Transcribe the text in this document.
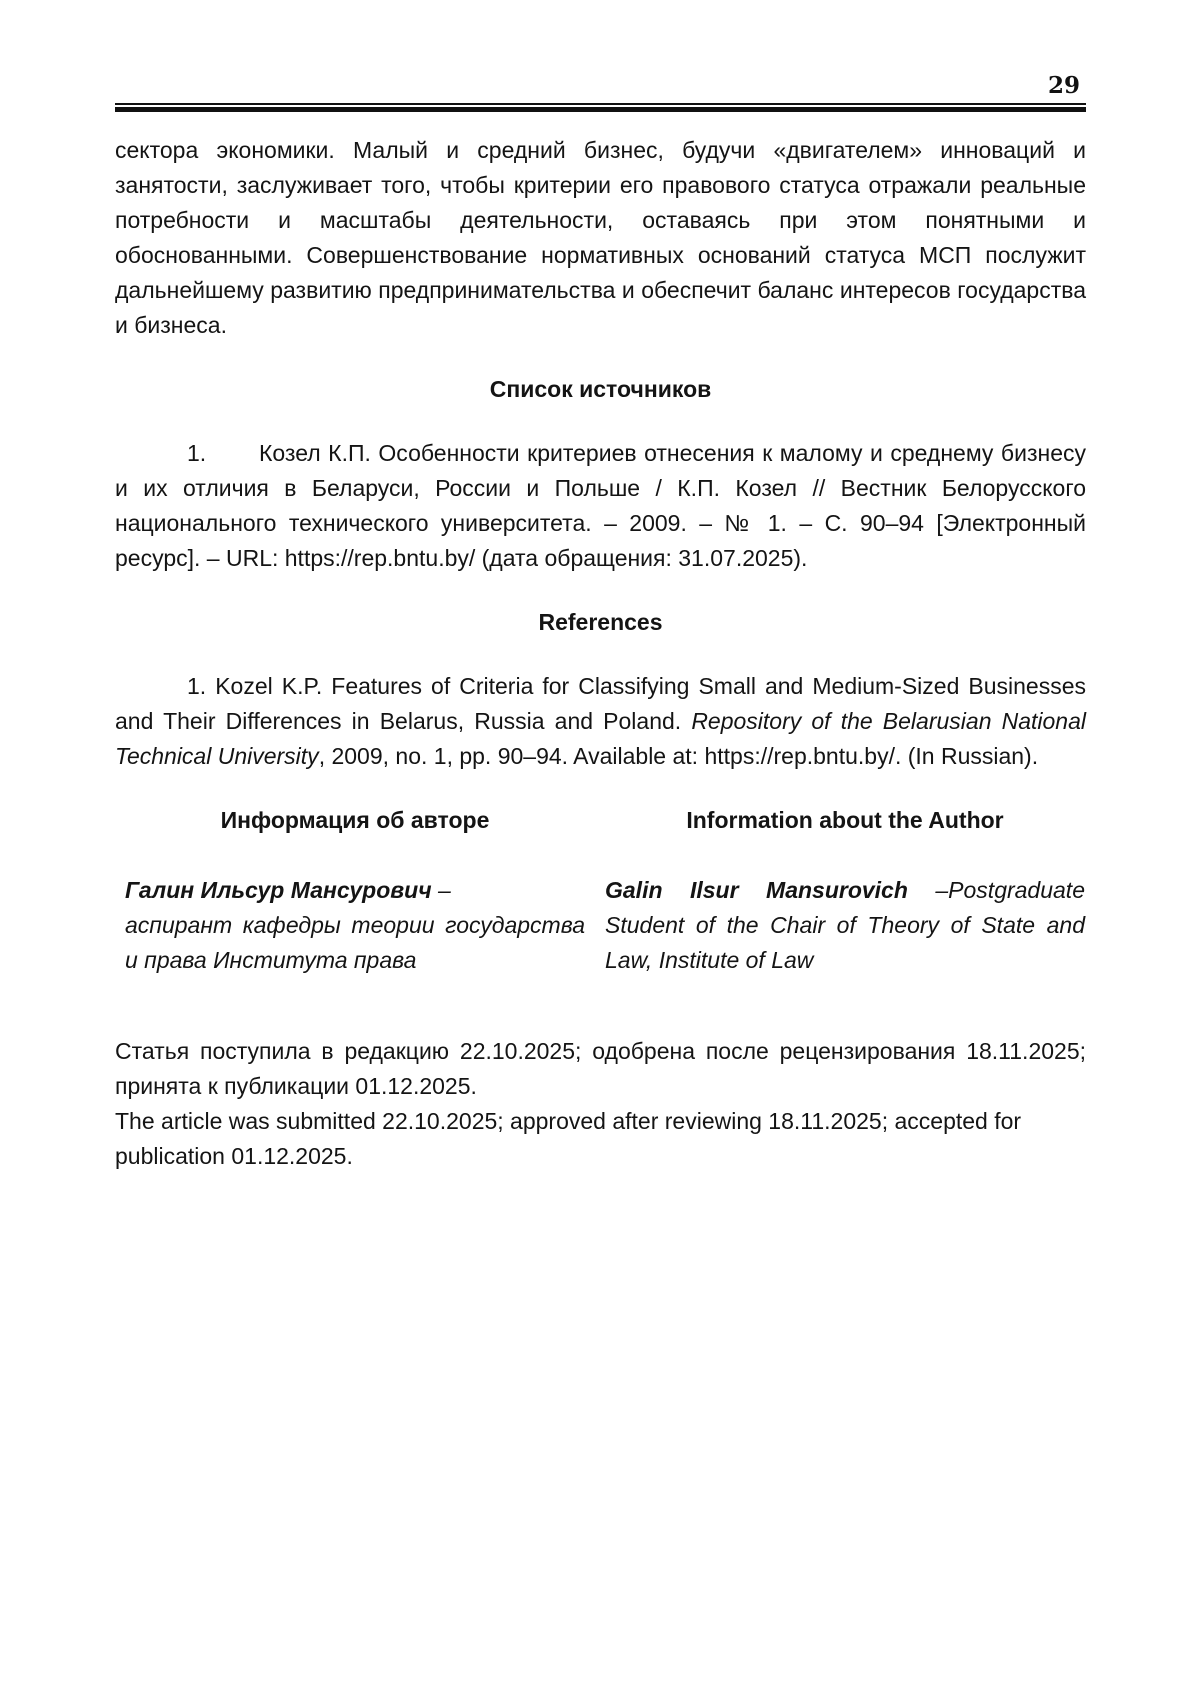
29

сектора экономики. Малый и средний бизнес, будучи «двигателем» инноваций и занятости, заслуживает того, чтобы критерии его правового статуса отражали реальные потребности и масштабы деятельности, оставаясь при этом понятными и обоснованными. Совершенствование нормативных оснований статуса МСП послужит дальнейшему развитию предпринимательства и обеспечит баланс интересов государства и бизнеса.

Список источников

1. Козел К.П. Особенности критериев отнесения к малому и среднему бизнесу и их отличия в Беларуси, России и Польше / К.П. Козел // Вестник Белорусского национального технического университета. – 2009. – № 1. – С. 90–94 [Электронный ресурс]. – URL: https://rep.bntu.by/ (дата обращения: 31.07.2025).

References

1. Kozel K.P. Features of Criteria for Classifying Small and Medium-Sized Businesses and Their Differences in Belarus, Russia and Poland. Repository of the Belarusian National Technical University, 2009, no. 1, pp. 90–94. Available at: https://rep.bntu.by/. (In Russian).

Информация об авторе
Галин Ильсур Мансурович –
аспирант кафедры теории государства и права Института права
Information about the Author
Galin Ilsur Mansurovich –Postgraduate Student of the Chair of Theory of State and Law, Institute of Law

Статья поступила в редакцию 22.10.2025; одобрена после рецензирования 18.11.2025; принята к публикации 01.12.2025.

The article was submitted 22.10.2025; approved after reviewing 18.11.2025; accepted for publication 01.12.2025.
